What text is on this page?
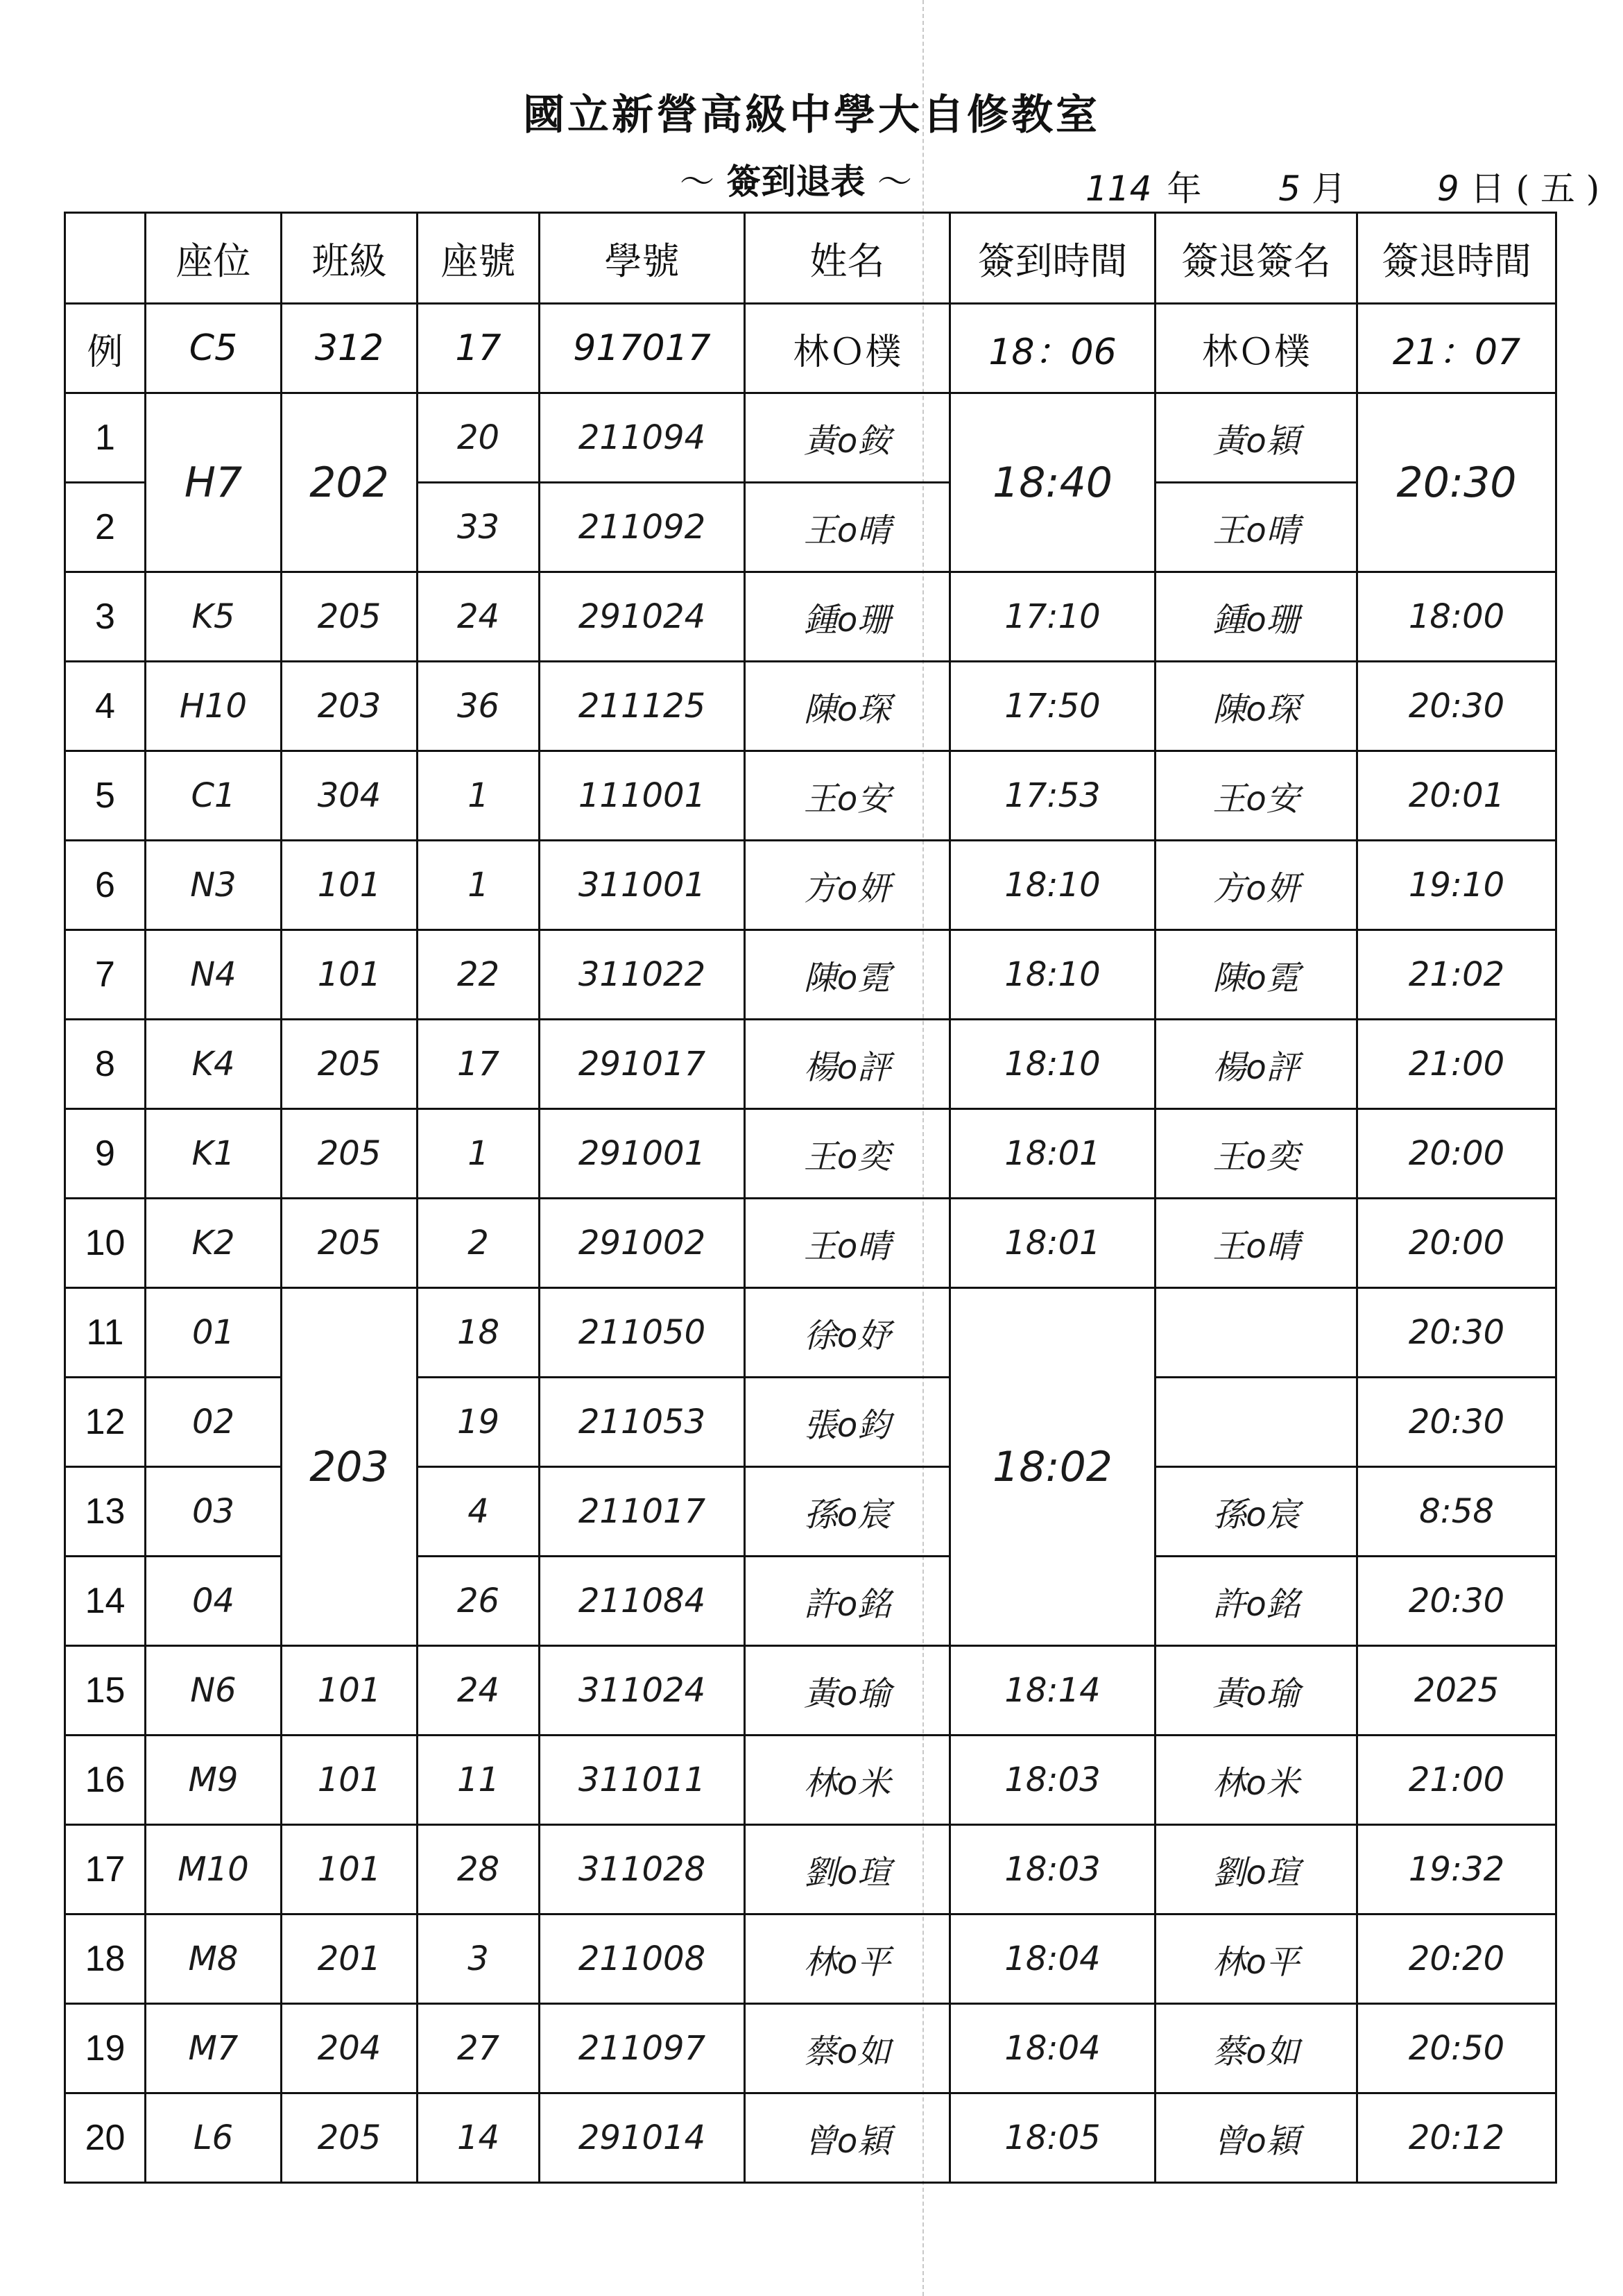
國立新營高級中學大自修教室
～ 簽到退表 ～	114 年 5 月	9 日 ( 五 )
	座位	班級	座號	學號	姓名	簽到時間	簽退簽名	簽退時間
例	C5	312	17	917017	林Ｏ樸	18：06	林Ｏ樸	21：07
1	H7	202	20	211094	黃o銨	18:40	黃o穎	20:30
2			33	211092	王o晴		王o晴	
3	K5	205	24	291024	鍾o珊	17:10	鍾o珊	18:00
4	H10	203	36	211125	陳o琛	17:50	陳o琛	20:30
5	C1	304	1	111001	王o安	17:53	王o安	20:01
6	N3	101	1	311001	方o妍	18:10	方o妍	19:10
7	N4	101	22	311022	陳o霓	18:10	陳o霓	21:02
8	K4	205	17	291017	楊o評	18:10	楊o評	21:00
9	K1	205	1	291001	王o奕	18:01	王o奕	20:00
10	K2	205	2	291002	王o晴	18:01	王o晴	20:00
11	01	203	18	211050	徐o妤	18:02		20:30
12	02		19	211053	張o鈞			20:30
13	03		4	211017	孫o宸		孫o宸	8:58
14	04		26	211084	許o銘		許o銘	20:30
15	N6	101	24	311024	黃o瑜	18:14	黃o瑜	2025
16	M9	101	11	311011	林o米	18:03	林o米	21:00
17	M10	101	28	311028	劉o瑄	18:03	劉o瑄	19:32
18	M8	201	3	211008	林o平	18:04	林o平	20:20
19	M7	204	27	211097	蔡o如	18:04	蔡o如	20:50
20	L6	205	14	291014	曾o穎	18:05	曾o穎	20:12
